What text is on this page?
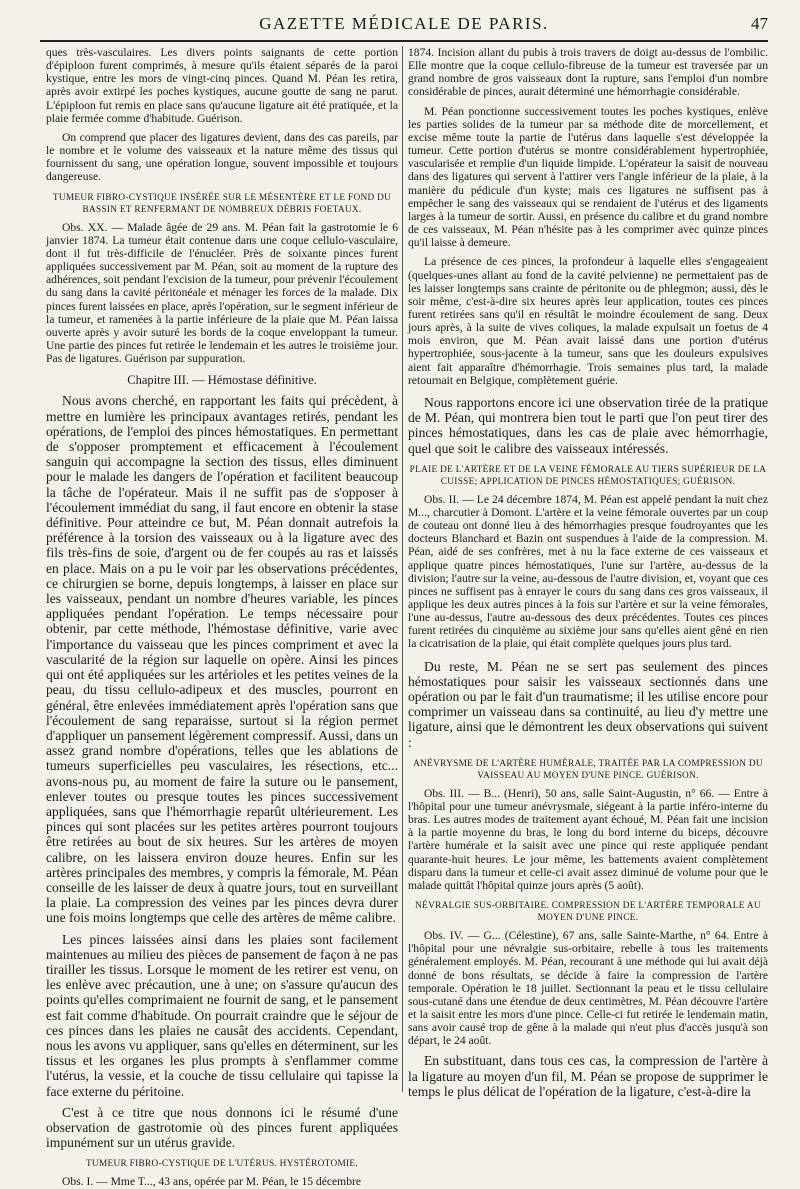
GAZETTE MÉDICALE DE PARIS.	47

ques très-vasculaires. Les divers points saignants de cette portion d'épiploon furent comprimés, à mesure qu'ils étaient séparés de la paroi kystique, entre les mors de vingt-cinq pinces. Quand M. Péan les retira, après avoir extirpé les poches kystiques, aucune goutte de sang ne parut. L'épiploon fut remis en place sans qu'aucune ligature ait été pratiquée, et la plaie fermée comme d'habitude. Guérison.

On comprend que placer des ligatures devient, dans des cas pareils, par le nombre et le volume des vaisseaux et la nature même des tissus qui fournissent du sang, une opération longue, souvent impossible et toujours dangereuse.

TUMEUR FIBRO-CYSTIQUE INSÉRÉE SUR LE MÉSENTÈRE ET LE FOND DU BASSIN ET RENFERMANT DE NOMBREUX DÉBRIS FOETAUX.

Obs. XX. — Malade âgée de 29 ans. M. Péan fait la gastrotomie le 6 janvier 1874. La tumeur était contenue dans une coque cellulo-vasculaire, dont il fut très-difficile de l'énucléer. Près de soixante pinces furent appliquées successivement par M. Péan, soit au moment de la rupture des adhérences, soit pendant l'excision de la tumeur, pour prévenir l'écoulement du sang dans la cavité péritonéale et ménager les forces de la malade. Dix pinces furent laissées en place, après l'opération, sur le segment inférieur de la tumeur, et ramenées à la partie inférieure de la plaie que M. Péan laissa ouverte après y avoir suturé les bords de la coque enveloppant la tumeur. Une partie des pinces fut retirée le lendemain et les autres le troisième jour. Pas de ligatures. Guérison par suppuration.

Chapitre III. — Hémostase définitive.

Nous avons cherché, en rapportant les faits qui précèdent, à mettre en lumière les principaux avantages retirés, pendant les opérations, de l'emploi des pinces hémostatiques. En permettant de s'opposer promptement et efficacement à l'écoulement sanguin qui accompagne la section des tissus, elles diminuent pour le malade les dangers de l'opération et facilitent beaucoup la tâche de l'opérateur. Mais il ne suffit pas de s'opposer à l'écoulement immédiat du sang, il faut encore en obtenir la stase définitive. Pour atteindre ce but, M. Péan donnait autrefois la préférence à la torsion des vaisseaux ou à la ligature avec des fils très-fins de soie, d'argent ou de fer coupés au ras et laissés en place. Mais on a pu le voir par les observations précédentes, ce chirurgien se borne, depuis longtemps, à laisser en place sur les vaisseaux, pendant un nombre d'heures variable, les pinces appliquées pendant l'opération. Le temps nécessaire pour obtenir, par cette méthode, l'hémostase définitive, varie avec l'importance du vaisseau que les pinces compriment et avec la vascularité de la région sur laquelle on opère. Ainsi les pinces qui ont été appliquées sur les artérioles et les petites veines de la peau, du tissu cellulo-adipeux et des muscles, pourront en général, être enlevées immédiatement après l'opération sans que l'écoulement de sang reparaisse, surtout si la région permet d'appliquer un pansement légèrement compressif. Aussi, dans un assez grand nombre d'opérations, telles que les ablations de tumeurs superficielles peu vasculaires, les résections, etc... avons-nous pu, au moment de faire la suture ou le pansement, enlever toutes ou presque toutes les pinces successivement appliquées, sans que l'hémorrhagie reparût ultérieurement. Les pinces qui sont placées sur les petites artères pourront toujours être retirées au bout de six heures. Sur les artères de moyen calibre, on les laissera environ douze heures. Enfin sur les artères principales des membres, y compris la fémorale, M. Péan conseille de les laisser de deux à quatre jours, tout en surveillant la plaie. La compression des veines par les pinces devra durer une fois moins longtemps que celle des artères de même calibre.

Les pinces laissées ainsi dans les plaies sont facilement maintenues au milieu des pièces de pansement de façon à ne pas tirailler les tissus. Lorsque le moment de les retirer est venu, on les enlève avec précaution, une à une; on s'assure qu'aucun des points qu'elles comprimaient ne fournit de sang, et le pansement est fait comme d'habitude. On pourrait craindre que le séjour de ces pinces dans les plaies ne causât des accidents. Cependant, nous les avons vu appliquer, sans qu'elles en déterminent, sur les tissus et les organes les plus prompts à s'enflammer comme l'utérus, la vessie, et la couche de tissu cellulaire qui tapisse la face externe du péritoine.

C'est à ce titre que nous donnons ici le résumé d'une observation de gastrotomie où des pinces furent appliquées impunément sur un utérus gravide.

TUMEUR FIBRO-CYSTIQUE DE L'UTÉRUS. HYSTÉROTOMIE.

Obs. I. — Mme T..., 43 ans, opérée par M. Péan, le 15 décembre

1874. Incision allant du pubis à trois travers de doigt au-dessus de l'ombilic. Elle montre que la coque cellulo-fibreuse de la tumeur est traversée par un grand nombre de gros vaisseaux dont la rupture, sans l'emploi d'un nombre considérable de pinces, aurait déterminé une hémorrhagie considérable.

M. Péan ponctionne successivement toutes les poches kystiques, enlève les parties solides de la tumeur par sa méthode dite de morcellement, et excise même toute la partie de l'utérus dans laquelle s'est développée la tumeur. Cette portion d'utérus se montre considérablement hypertrophiée, vascularisée et remplie d'un liquide limpide. L'opérateur la saisit de nouveau dans des ligatures qui servent à l'attirer vers l'angle inférieur de la plaie, à la manière du pédicule d'un kyste; mais ces ligatures ne suffisent pas à empêcher le sang des vaisseaux qui se rendaient de l'utérus et des ligaments larges à la tumeur de sortir. Aussi, en présence du calibre et du grand nombre de ces vaisseaux, M. Péan n'hésite pas à les comprimer avec quinze pinces qu'il laisse à demeure.

La présence de ces pinces, la profondeur à laquelle elles s'engageaient (quelques-unes allant au fond de la cavité pelvienne) ne permettaient pas de les laisser longtemps sans crainte de péritonite ou de phlegmon; aussi, dès le soir même, c'est-à-dire six heures après leur application, toutes ces pinces furent retirées sans qu'il en résultât le moindre écoulement de sang. Deux jours après, à la suite de vives coliques, la malade expulsait un foetus de 4 mois environ, que M. Péan avait laissé dans une portion d'utérus hypertrophiée, sous-jacente à la tumeur, sans que les douleurs expulsives aient fait apparaître d'hémorrhagie. Trois semaines plus tard, la malade retournait en Belgique, complètement guérie.

Nous rapportons encore ici une observation tirée de la pratique de M. Péan, qui montrera bien tout le parti que l'on peut tirer des pinces hémostatiques, dans les cas de plaie avec hémorrhagie, quel que soit le calibre des vaisseaux intéressés.

PLAIE DE L'ARTÈRE ET DE LA VEINE FÉMORALE AU TIERS SUPÉRIEUR DE LA CUISSE; APPLICATION DE PINCES HÉMOSTATIQUES; GUÉRISON.

Obs. II. — Le 24 décembre 1874, M. Péan est appelé pendant la nuit chez M..., charcutier à Domont. L'artère et la veine fémorale ouvertes par un coup de couteau ont donné lieu à des hémorrhagies presque foudroyantes que les docteurs Blanchard et Bazin ont suspendues à l'aide de la compression. M. Péan, aidé de ses confrères, met à nu la face externe de ces vaisseaux et applique quatre pinces hémostatiques, l'une sur l'artère, au-dessus de la division; l'autre sur la veine, au-dessous de l'autre division, et, voyant que ces pinces ne suffisent pas à enrayer le cours du sang dans ces gros vaisseaux, il applique les deux autres pinces à la fois sur l'artère et sur la veine fémorales, l'une au-dessus, l'autre au-dessous des deux précédentes. Toutes ces pinces furent retirées du cinquième au sixième jour sans qu'elles aient gêné en rien la cicatrisation de la plaie, qui était complète quelques jours plus tard.

Du reste, M. Péan ne se sert pas seulement des pinces hémostatiques pour saisir les vaisseaux sectionnés dans une opération ou par le fait d'un traumatisme; il les utilise encore pour comprimer un vaisseau dans sa continuité, au lieu d'y mettre une ligature, ainsi que le démontrent les deux observations qui suivent :

ANÉVRYSME DE L'ARTÈRE HUMÉRALE, TRAITÉE PAR LA COMPRESSION DU VAISSEAU AU MOYEN D'UNE PINCE. GUÉRISON.

Obs. III. — B... (Henri), 50 ans, salle Saint-Augustin, n° 66. — Entre à l'hôpital pour une tumeur anévrysmale, siégeant à la partie inféro-interne du bras. Les autres modes de traitement ayant échoué, M. Péan fait une incision à la partie moyenne du bras, le long du bord interne du biceps, découvre l'artère humérale et la saisit avec une pince qui reste appliquée pendant quarante-huit heures. Le jour même, les battements avaient complètement disparu dans la tumeur et celle-ci avait assez diminué de volume pour que le malade quittât l'hôpital quinze jours après (5 août).

NÉVRALGIE SUS-ORBITAIRE. COMPRESSION DE L'ARTÈRE TEMPORALE AU MOYEN D'UNE PINCE.

Obs. IV. — G... (Célestine), 67 ans, salle Sainte-Marthe, n° 64. Entre à l'hôpital pour une névralgie sus-orbitaire, rebelle à tous les traitements généralement employés. M. Péan, recourant à une méthode qui lui avait déjà donné de bons résultats, se décide à faire la compression de l'artère temporale. Opération le 18 juillet. Sectionnant la peau et le tissu cellulaire sous-cutané dans une étendue de deux centimètres, M. Péan découvre l'artère et la saisit entre les mors d'une pince. Celle-ci fut retirée le lendemain matin, sans avoir causé trop de gêne à la malade qui n'eut plus d'accès jusqu'à son départ, le 24 août.

En substituant, dans tous ces cas, la compression de l'artère à la ligature au moyen d'un fil, M. Péan se propose de supprimer le temps le plus délicat de l'opération de la ligature, c'est-à-dire la
